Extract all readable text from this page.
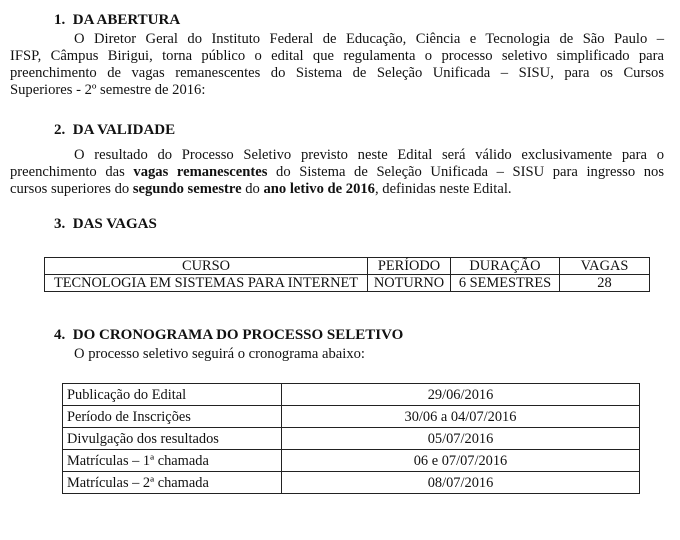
1. DA ABERTURA
O Diretor Geral do Instituto Federal de Educação, Ciência e Tecnologia de São Paulo –
IFSP, Câmpus Birigui, torna público o edital que regulamenta o processo seletivo simplificado para
preenchimento de vagas remanescentes do Sistema de Seleção Unificada – SISU, para os Cursos
Superiores - 2º semestre de 2016:
2. DA VALIDADE
O resultado do Processo Seletivo previsto neste Edital será válido exclusivamente para o
preenchimento das vagas remanescentes do Sistema de Seleção Unificada – SISU para ingresso nos
cursos superiores do segundo semestre do ano letivo de 2016, definidas neste Edital.
3. DAS VAGAS
CURSO	PERÍODO	DURAÇÃO	VAGAS
TECNOLOGIA EM SISTEMAS PARA INTERNET	NOTURNO	6 SEMESTRES	28
4. DO CRONOGRAMA DO PROCESSO SELETIVO
O processo seletivo seguirá o cronograma abaixo:
Publicação do Edital	29/06/2016
Período de Inscrições	30/06 a 04/07/2016
Divulgação dos resultados	05/07/2016
Matrículas – 1ª chamada	06 e 07/07/2016
Matrículas – 2ª chamada	08/07/2016
